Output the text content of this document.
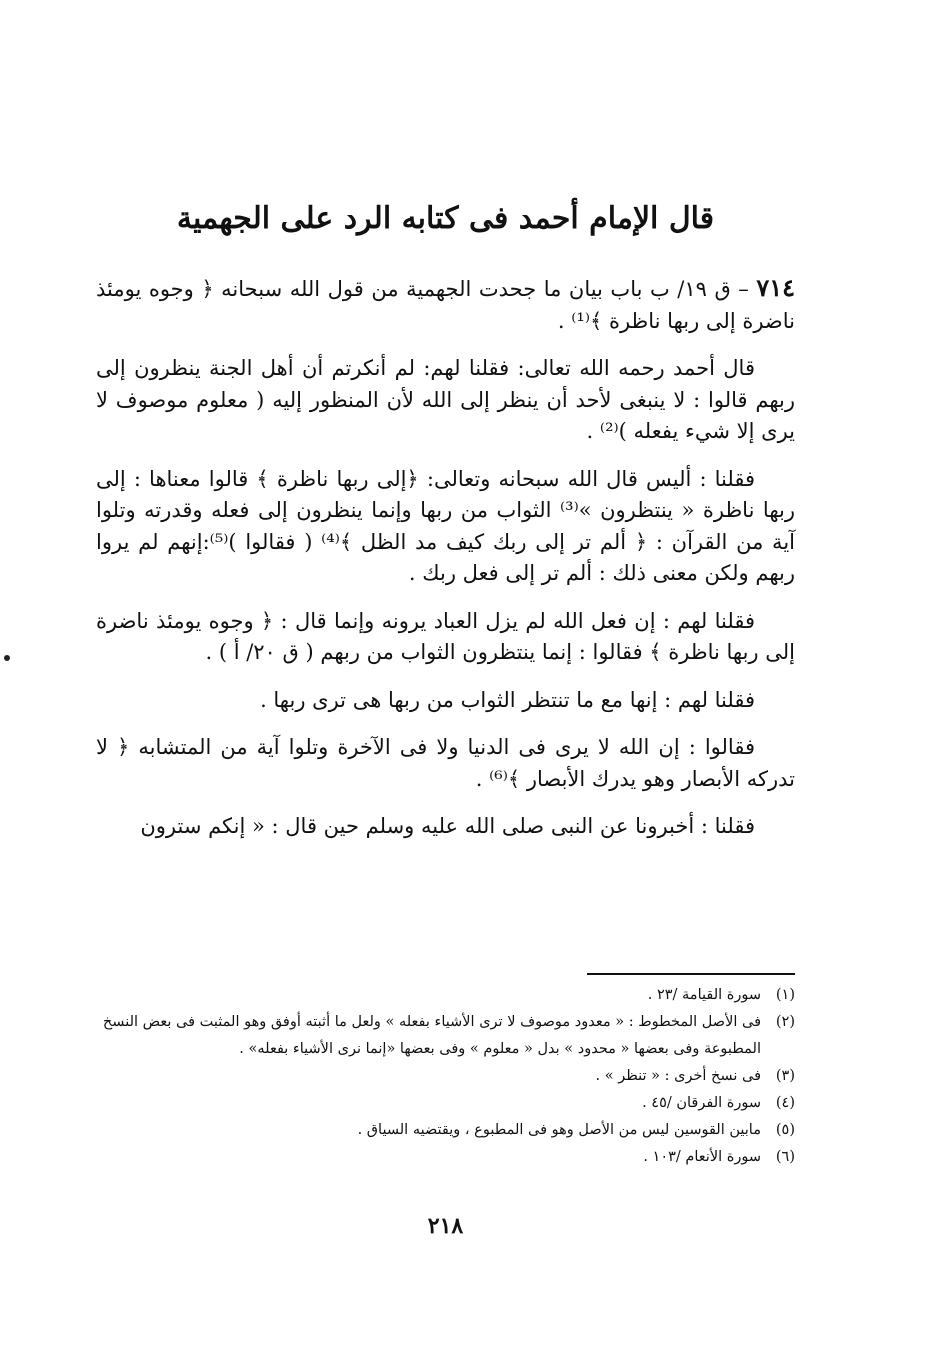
قال الإمام أحمد فى كتابه الرد على الجهمية

٧١٤ – ق ١٩/ ب باب بيان ما جحدت الجهمية من قول الله سبحانه ﴿ وجوه يومئذ ناضرة إلى ربها ناظرة ﴾⁽¹⁾ .

قال أحمد رحمه الله تعالى: فقلنا لهم: لم أنكرتم أن أهل الجنة ينظرون إلى ربهم قالوا : لا ينبغى لأحد أن ينظر إلى الله لأن المنظور إليه ( معلوم موصوف لا يرى إلا شيء يفعله )⁽²⁾ .

فقلنا : أليس قال الله سبحانه وتعالى: ﴿إلى ربها ناظرة ﴾ قالوا معناها : إلى ربها ناظرة « ينتظرون »⁽³⁾ الثواب من ربها وإنما ينظرون إلى فعله وقدرته وتلوا آية من القرآن : ﴿ ألم تر إلى ربك كيف مد الظل ﴾⁽⁴⁾ ( فقالوا )⁽⁵⁾:إنهم لم يروا ربهم ولكن معنى ذلك : ألم تر إلى فعل ربك .

فقلنا لهم : إن فعل الله لم يزل العباد يرونه وإنما قال : ﴿ وجوه يومئذ ناضرة إلى ربها ناظرة ﴾ فقالوا : إنما ينتظرون الثواب من ربهم ( ق ٢٠/ أ ) .

فقلنا لهم : إنها مع ما تنتظر الثواب من ربها هى ترى ربها .

فقالوا : إن الله لا يرى فى الدنيا ولا فى الآخرة وتلوا آية من المتشابه ﴿ لا تدركه الأبصار وهو يدرك الأبصار ﴾⁽⁶⁾ .

فقلنا : أخبرونا عن النبى صلى الله عليه وسلم حين قال : « إنكم سترون

(١)
سورة القيامة /٢٣ .
(٢)
فى الأصل المخطوط : « معدود موصوف لا ترى الأشياء بفعله » ولعل ما أثبته أوفق وهو المثبت فى بعض النسخ المطبوعة وفى بعضها « محدود » بدل « معلوم » وفى بعضها «إنما نرى الأشياء بفعله» .
(٣)
فى نسخ أخرى : « تنظر » .
(٤)
سورة الفرقان /٤٥ .
(٥)
مابين القوسين ليس من الأصل وهو فى المطبوع ، ويقتضيه السياق .
(٦)
سورة الأنعام /١٠٣ .
٢١٨
